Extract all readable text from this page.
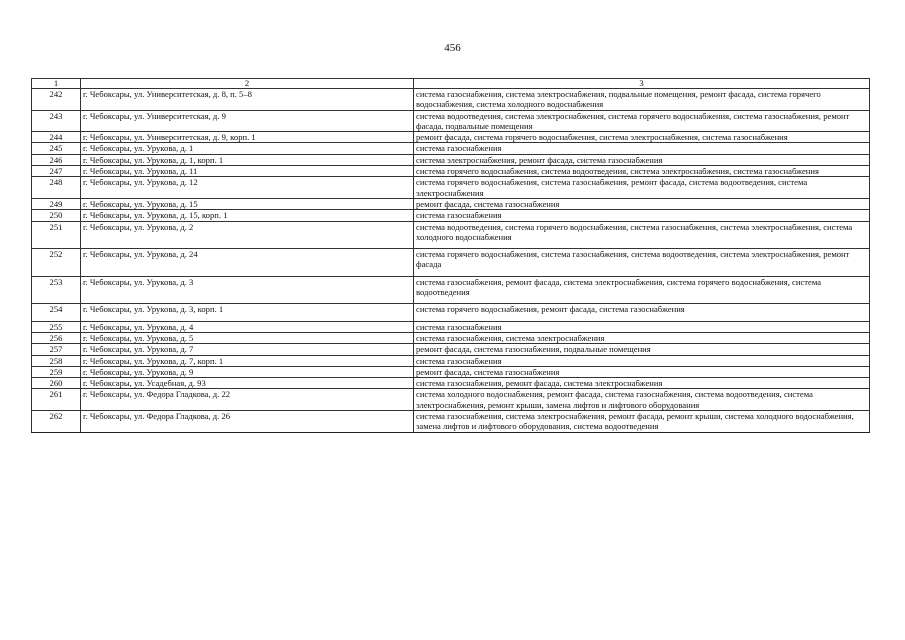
456
1	2	3
242	г. Чебоксары, ул. Университетская, д. 8, п. 5–8	система газоснабжения, система электроснабжения, подвальные помещения, ремонт фасада, система горячего водоснабжения, система холодного водоснабжения
243	г. Чебоксары, ул. Университетская, д. 9	система водоотведения, система электроснабжения, система горячего водоснабжения, система газоснабжения, ремонт фасада, подвальные помещения
244	г. Чебоксары, ул. Университетская, д. 9, корп. 1	ремонт фасада, система горячего водоснабжения, система электроснабжения, система газоснабжения
245	г. Чебоксары, ул. Урукова, д. 1	система газоснабжения
246	г. Чебоксары, ул. Урукова, д. 1, корп. 1	система электроснабжения, ремонт фасада, система газоснабжения
247	г. Чебоксары, ул. Урукова, д. 11	система горячего водоснабжения, система водоотведения, система электроснабжения, система газоснабжения
248	г. Чебоксары, ул. Урукова, д. 12	система горячего водоснабжения, система газоснабжения, ремонт фасада, система водоотведения, система электроснабжения
249	г. Чебоксары, ул. Урукова, д. 15	ремонт фасада, система газоснабжения
250	г. Чебоксары, ул. Урукова, д. 15, корп. 1	система газоснабжения
251	г. Чебоксары, ул. Урукова, д. 2	система водоотведения, система горячего водоснабжения, система газоснабжения, система электроснабжения, система холодного водоснабжения
252	г. Чебоксары, ул. Урукова, д. 24	система горячего водоснабжения, система газоснабжения, система водоотведения, система электроснабжения, ремонт фасада
253	г. Чебоксары, ул. Урукова, д. 3	система газоснабжения, ремонт фасада, система электроснабжения, система горячего водоснабжения, система водоотведения
254	г. Чебоксары, ул. Урукова, д. 3, корп. 1	система горячего водоснабжения, ремонт фасада, система газоснабжения
255	г. Чебоксары, ул. Урукова, д. 4	система газоснабжения
256	г. Чебоксары, ул. Урукова, д. 5	система газоснабжения, система электроснабжения
257	г. Чебоксары, ул. Урукова, д. 7	ремонт фасада, система газоснабжения, подвальные помещения
258	г. Чебоксары, ул. Урукова, д. 7, корп. 1	система газоснабжения
259	г. Чебоксары, ул. Урукова, д. 9	ремонт фасада, система газоснабжения
260	г. Чебоксары, ул. Усадебная, д. 93	система газоснабжения, ремонт фасада, система электроснабжения
261	г. Чебоксары, ул. Федора Гладкова, д. 22	система холодного водоснабжения, ремонт фасада, система газоснабжения, система водоотведения, система электроснабжения, ремонт крыши, замена лифтов и лифтового оборудования
262	г. Чебоксары, ул. Федора Гладкова, д. 26	система газоснабжения, система электроснабжения, ремонт фасада, ремонт крыши, система холодного водоснабжения, замена лифтов и лифтового оборудования, система водоотведения
